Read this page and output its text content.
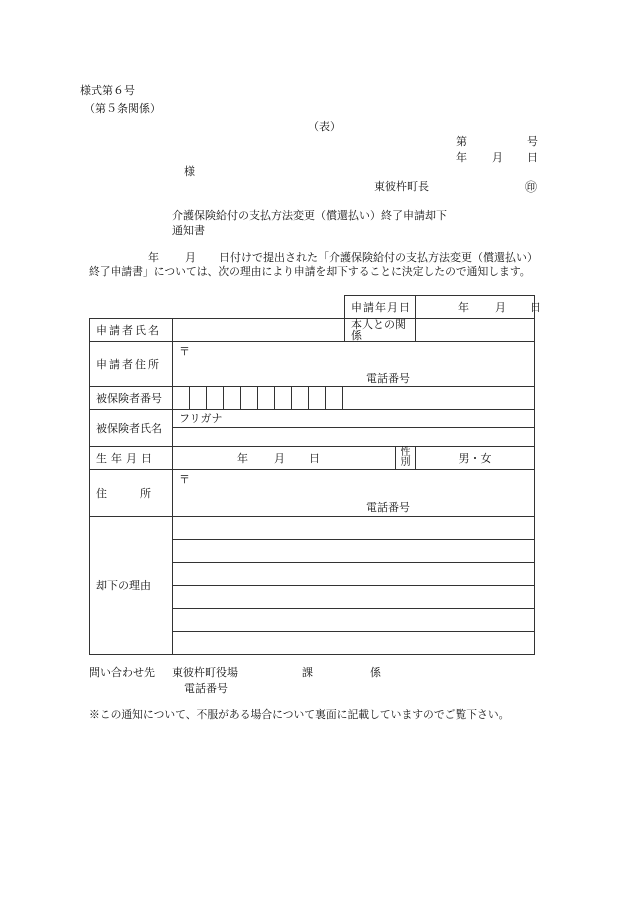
様式第６号
（第５条関係）
（表）
第	号
年 月 日
様
東彼杵町長	㊞
介護保険給付の支払方法変更（償還払い）終了申請却下
通知書
年 月 日付けで提出された「介護保険給付の支払方法変更（償還払い）
終了申請書」については、次の理由により申請を却下することに決定したので通知します。
		申請年月日		年 月 日

申請者氏名		本人との関係		
申請者住所	〒
電話番号			

被保険者番号				

被保険者氏名	フリガナ			

生年月日	年 月 日		性別	男・女
住　　　所	〒
電話番号			

却下の理由				

問い合わせ先 東彼杵町役場	課	係
電話番号
※この通知について、不服がある場合について裏面に記載していますのでご覧下さい。
